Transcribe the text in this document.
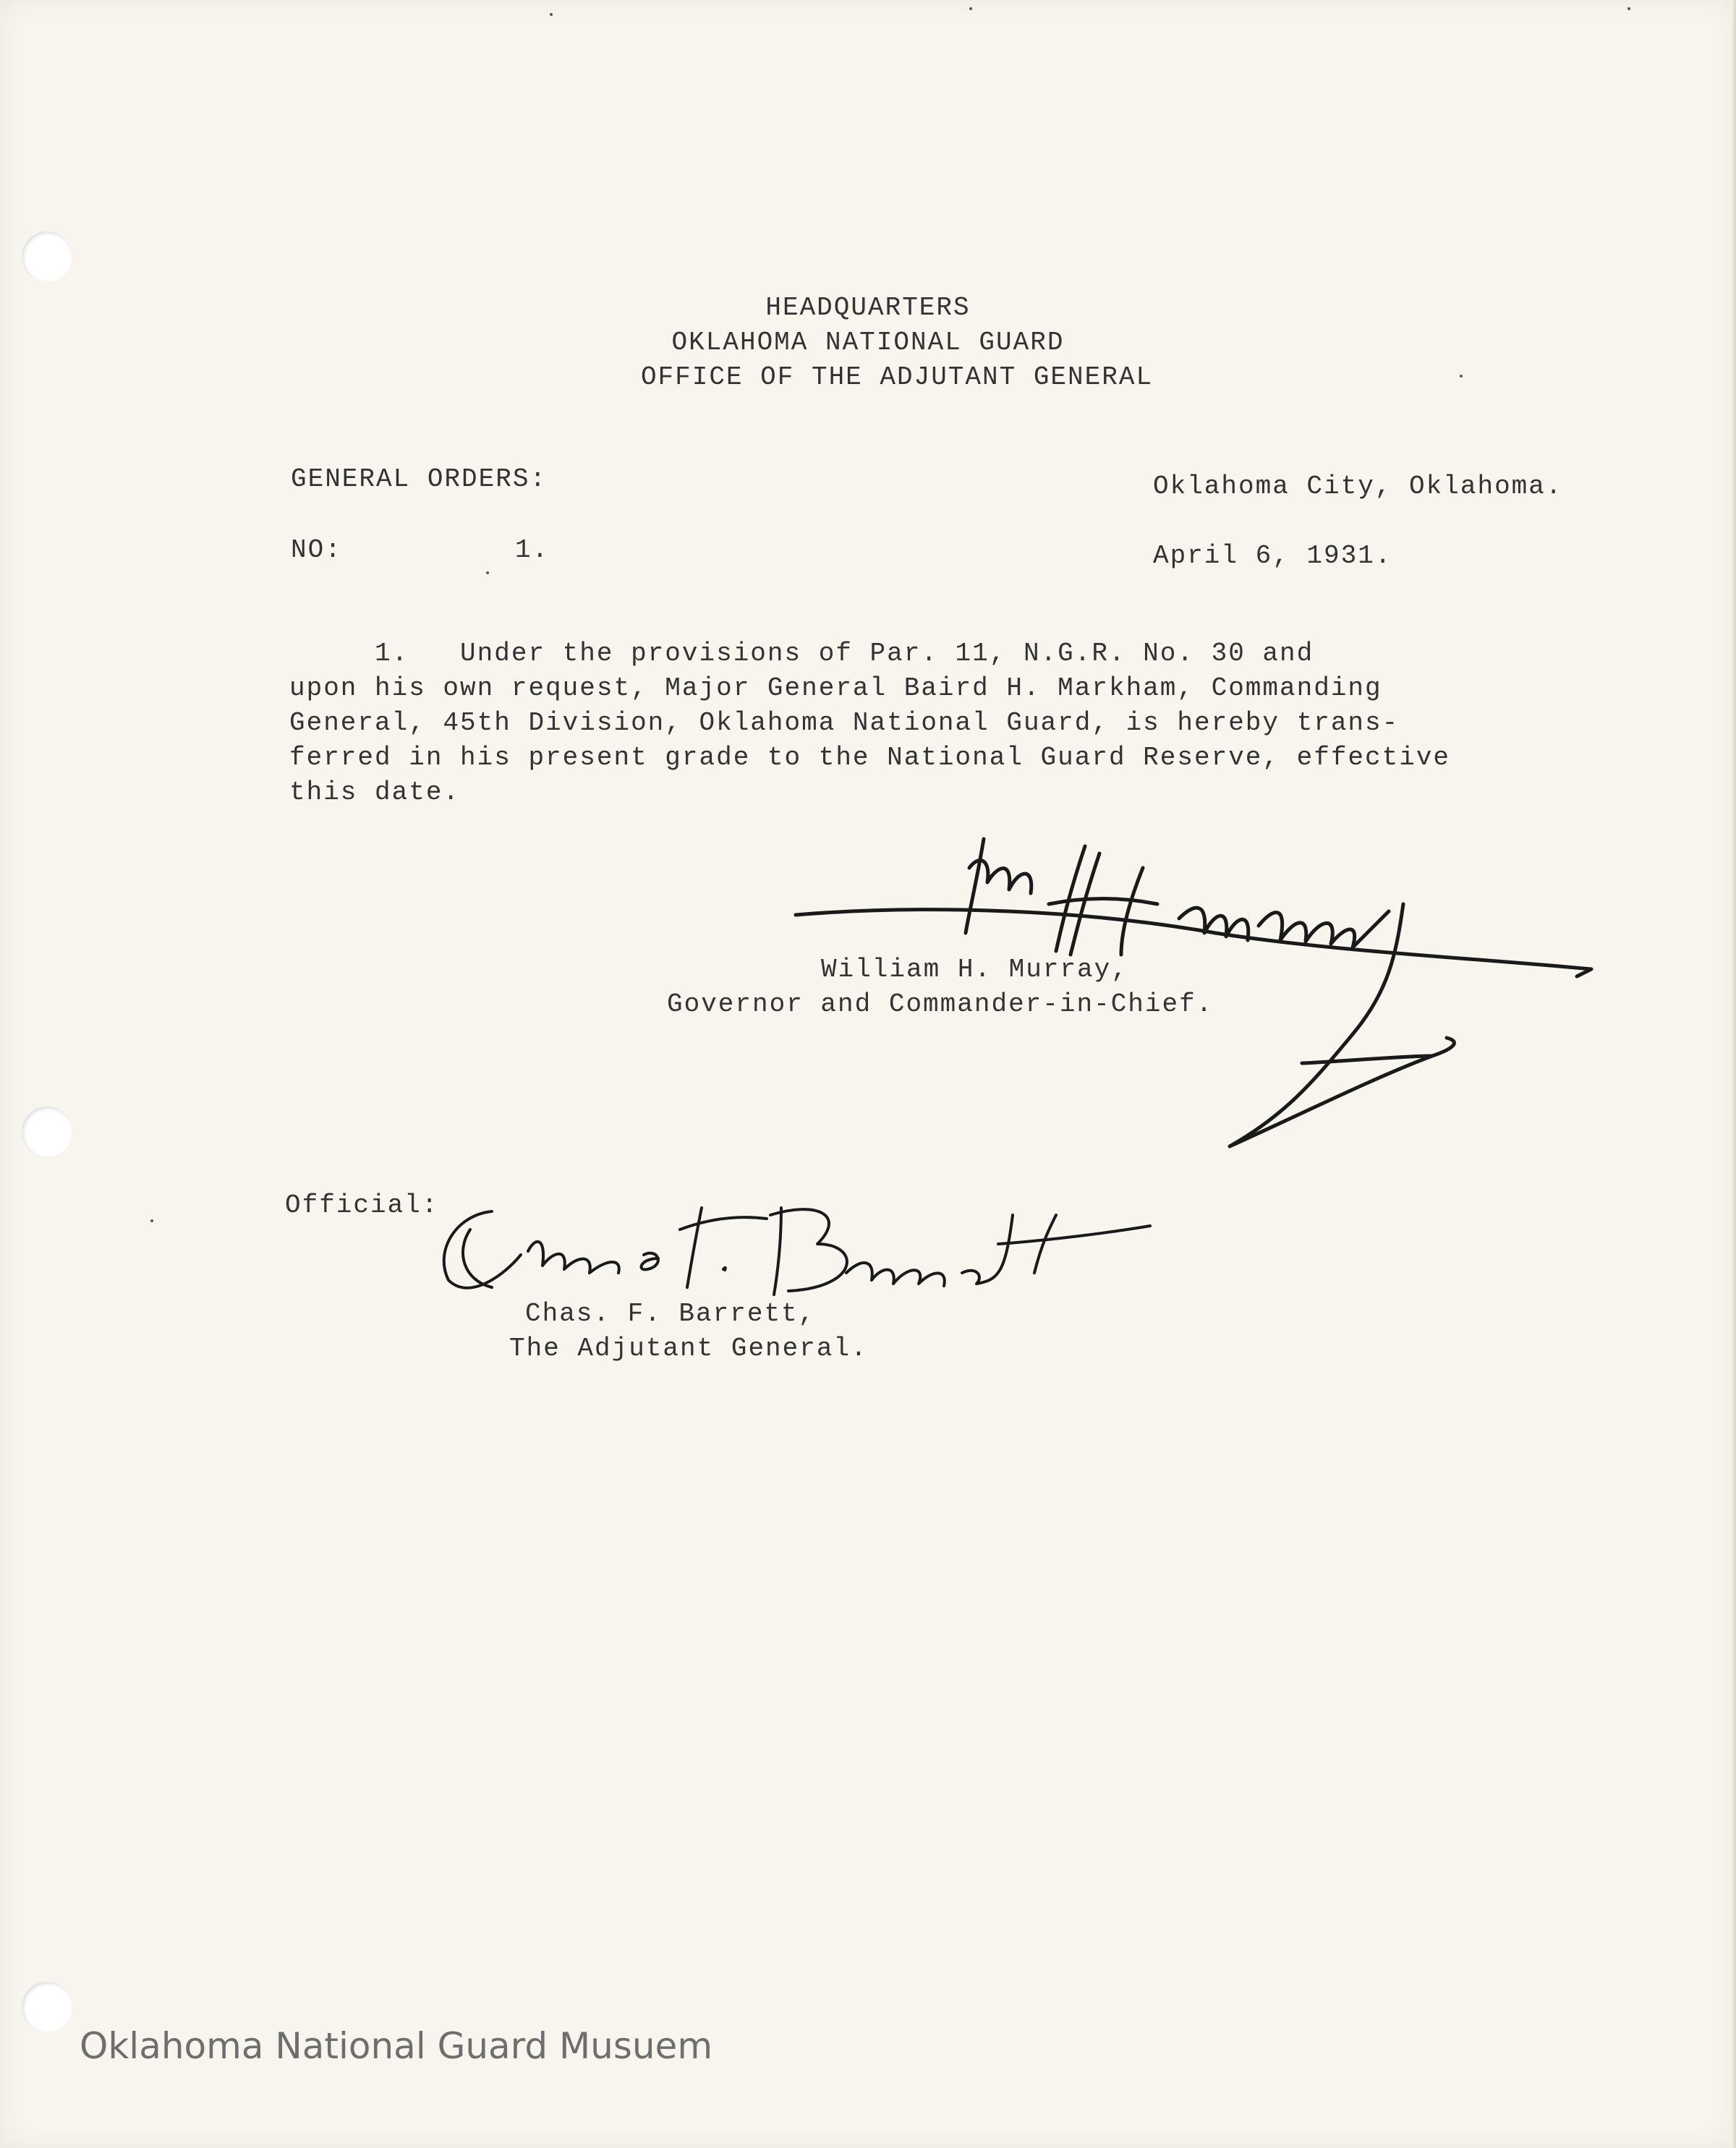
HEADQUARTERS
OKLAHOMA NATIONAL GUARD
OFFICE OF THE ADJUTANT GENERAL
GENERAL ORDERS:	Oklahoma City, Oklahoma.
NO:	1.	April 6, 1931.
1.   Under the provisions of Par. 11, N.G.R. No. 30 and
upon his own request, Major General Baird H. Markham, Commanding
General, 45th Division, Oklahoma National Guard, is hereby trans-
ferred in his present grade to the National Guard Reserve, effective
this date.
William H. Murray,
Governor and Commander-in-Chief.
Official:
Chas. F. Barrett,
The Adjutant General.
Oklahoma National Guard Musuem
